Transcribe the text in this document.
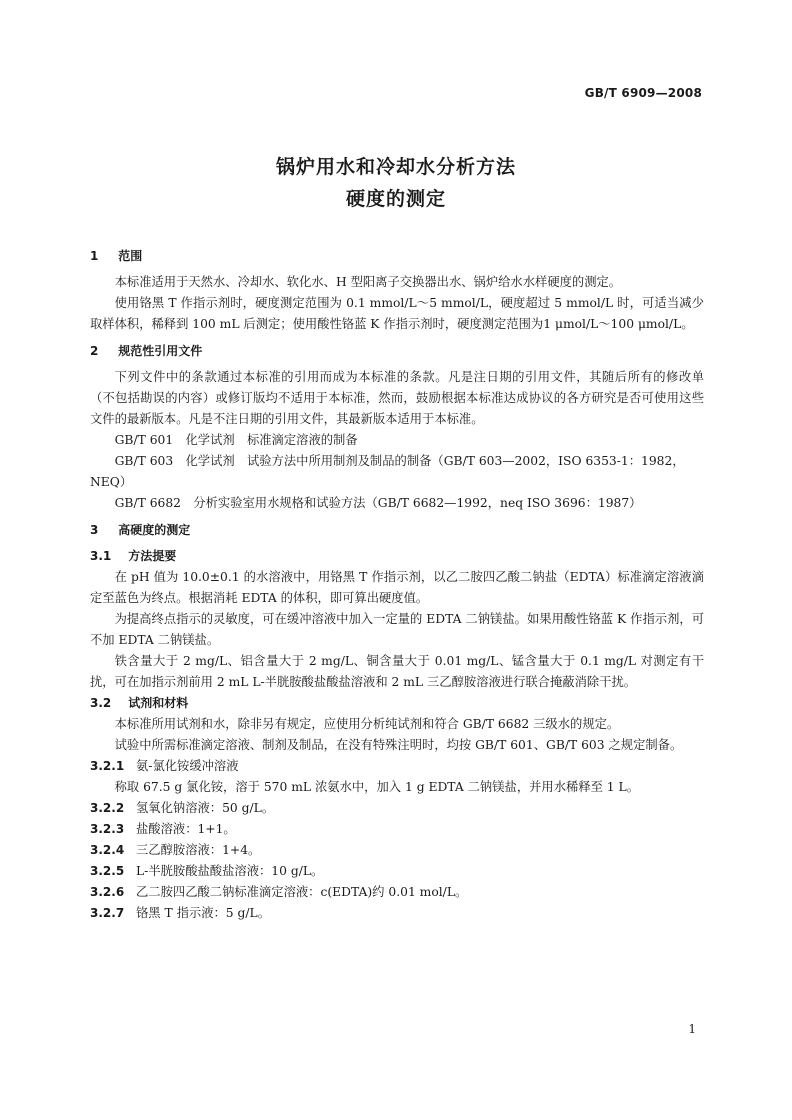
GB/T 6909—2008
锅炉用水和冷却水分析方法
硬度的测定
1 范围

本标准适用于天然水、冷却水、软化水、H 型阳离子交换器出水、锅炉给水水样硬度的测定。

使用铬黑 T 作指示剂时，硬度测定范围为 0.1 mmol/L～5 mmol/L，硬度超过 5 mmol/L 时，可适当减少取样体积，稀释到 100 mL 后测定；使用酸性铬蓝 K 作指示剂时，硬度测定范围为1 μmol/L～100 μmol/L。

2 规范性引用文件

下列文件中的条款通过本标准的引用而成为本标准的条款。凡是注日期的引用文件，其随后所有的修改单（不包括勘误的内容）或修订版均不适用于本标准，然而，鼓励根据本标准达成协议的各方研究是否可使用这些文件的最新版本。凡是不注日期的引用文件，其最新版本适用于本标准。

GB/T 601　化学试剂　标准滴定溶液的制备

GB/T 603　化学试剂　试验方法中所用制剂及制品的制备（GB/T 603—2002，ISO 6353-1：1982，NEQ）

GB/T 6682　分析实验室用水规格和试验方法（GB/T 6682—1992，neq ISO 3696：1987）

3 高硬度的测定
3.1 方法提要

在 pH 值为 10.0±0.1 的水溶液中，用铬黑 T 作指示剂，以乙二胺四乙酸二钠盐（EDTA）标准滴定溶液滴定至蓝色为终点。根据消耗 EDTA 的体积，即可算出硬度值。

为提高终点指示的灵敏度，可在缓冲溶液中加入一定量的 EDTA 二钠镁盐。如果用酸性铬蓝 K 作指示剂，可不加 EDTA 二钠镁盐。

铁含量大于 2 mg/L、铝含量大于 2 mg/L、铜含量大于 0.01 mg/L、锰含量大于 0.1 mg/L 对测定有干扰，可在加指示剂前用 2 mL L-半胱胺酸盐酸盐溶液和 2 mL 三乙醇胺溶液进行联合掩蔽消除干扰。

3.2 试剂和材料

本标准所用试剂和水，除非另有规定，应使用分析纯试剂和符合 GB/T 6682 三级水的规定。

试验中所需标准滴定溶液、制剂及制品，在没有特殊注明时，均按 GB/T 601、GB/T 603 之规定制备。

3.2.1 氨-氯化铵缓冲溶液

称取 67.5 g 氯化铵，溶于 570 mL 浓氨水中，加入 1 g EDTA 二钠镁盐，并用水稀释至 1 L。

3.2.2 氢氧化钠溶液：50 g/L。
3.2.3 盐酸溶液：1+1。
3.2.4 三乙醇胺溶液：1+4。
3.2.5 L-半胱胺酸盐酸盐溶液：10 g/L。
3.2.6 乙二胺四乙酸二钠标准滴定溶液：c(EDTA)约 0.01 mol/L。
3.2.7 铬黑 T 指示液：5 g/L。
1
